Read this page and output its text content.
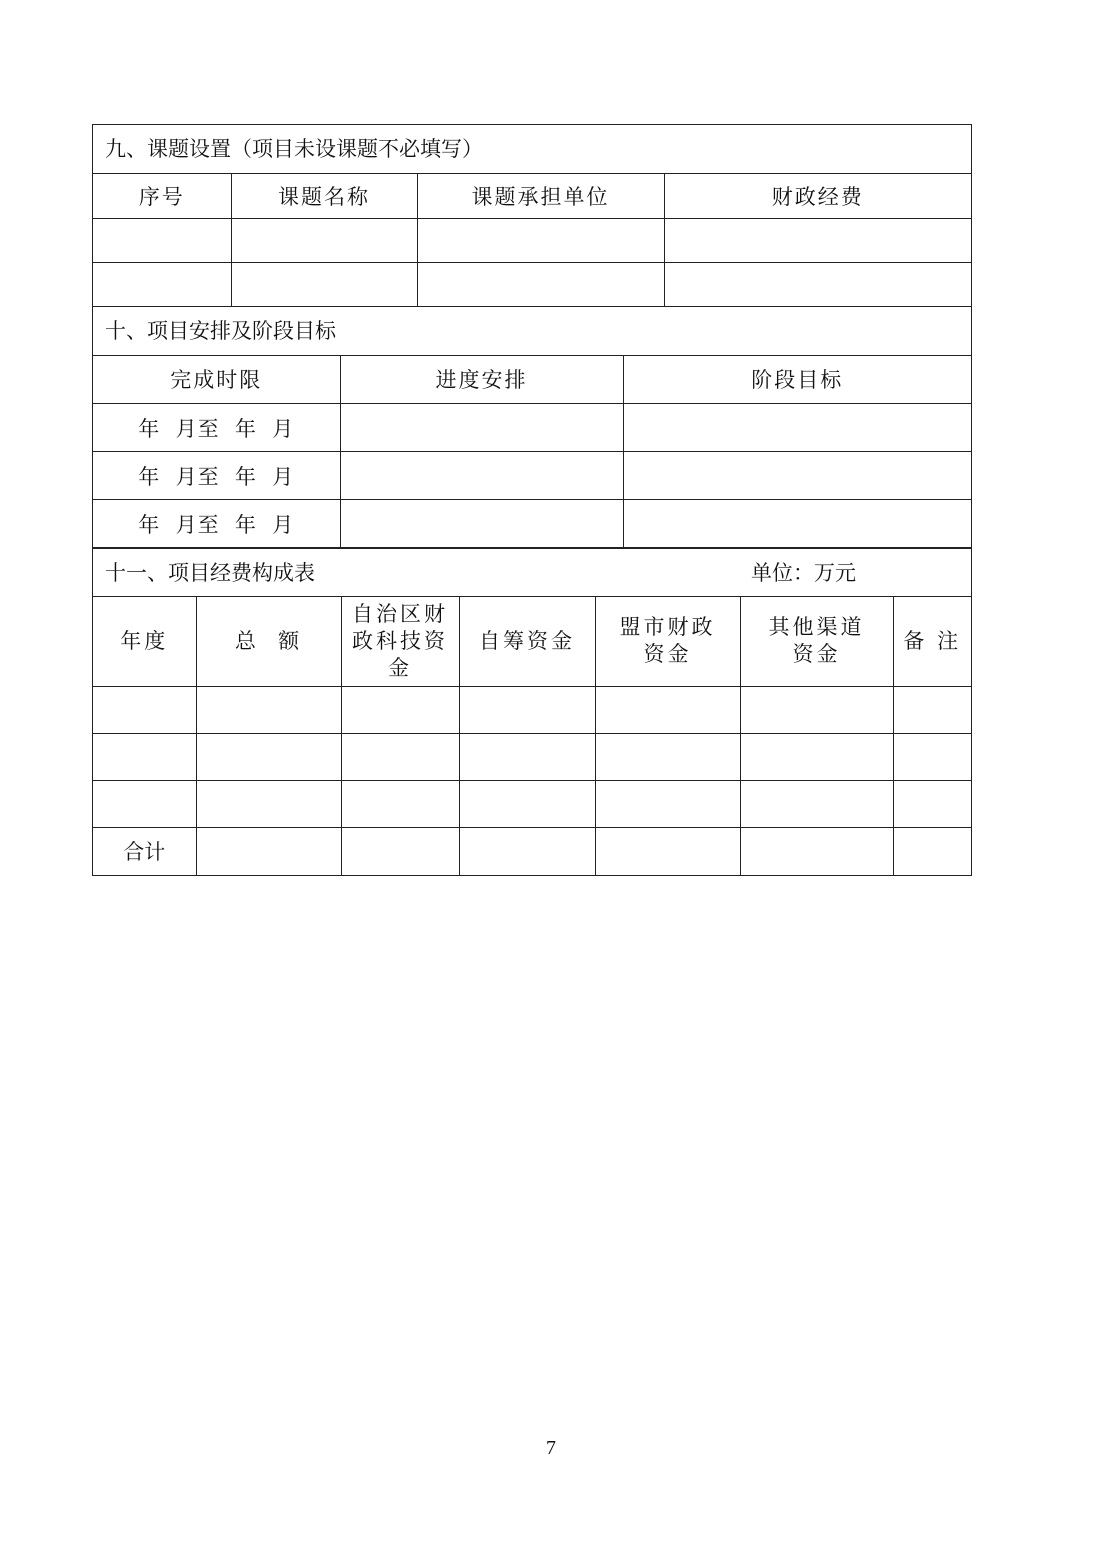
九、课题设置（项目未设课题不必填写）
序号	课题名称	课题承担单位	财政经费

十、项目安排及阶段目标
完成时限	进度安排	阶段目标
年  月至  年  月		
年  月至  年  月		
年  月至  年  月		
十一、项目经费构成表	单位：万元
年度	总  额	自治区财政科技资金	自筹资金	盟市财政资金	其他渠道资金	备 注

合计						
7
